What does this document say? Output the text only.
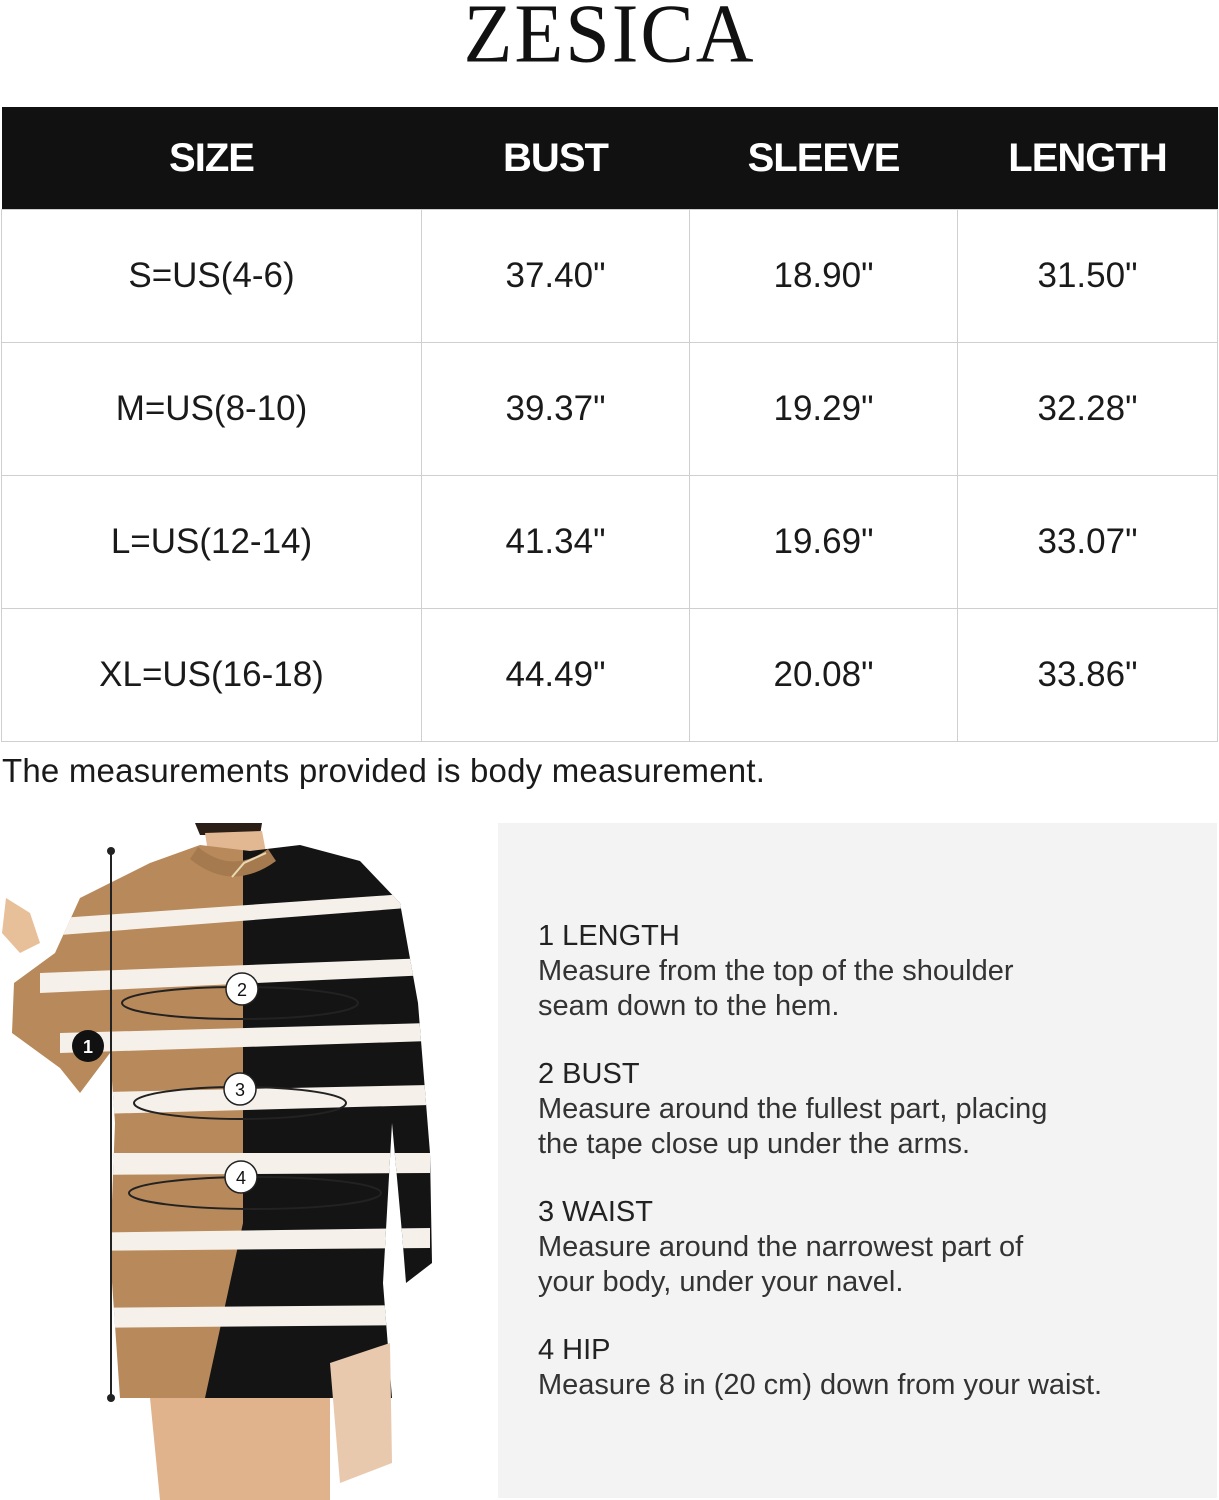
ZESICA
SIZE	BUST	SLEEVE	LENGTH
S=US(4-6)	37.40"	18.90"	31.50"
M=US(8-10)	39.37"	19.29"	32.28"
L=US(12-14)	41.34"	19.69"	33.07"
XL=US(16-18)	44.49"	20.08"	33.86"
The measurements provided is body measurement.
1
2
3
4
1 LENGTH
Measure from the top of the shoulder
seam down to the hem.
2 BUST
Measure around the fullest part, placing
the tape close up under the arms.
3 WAIST
Measure around the narrowest part of
your body, under your navel.
4 HIP
Measure 8 in (20 cm) down from your waist.
